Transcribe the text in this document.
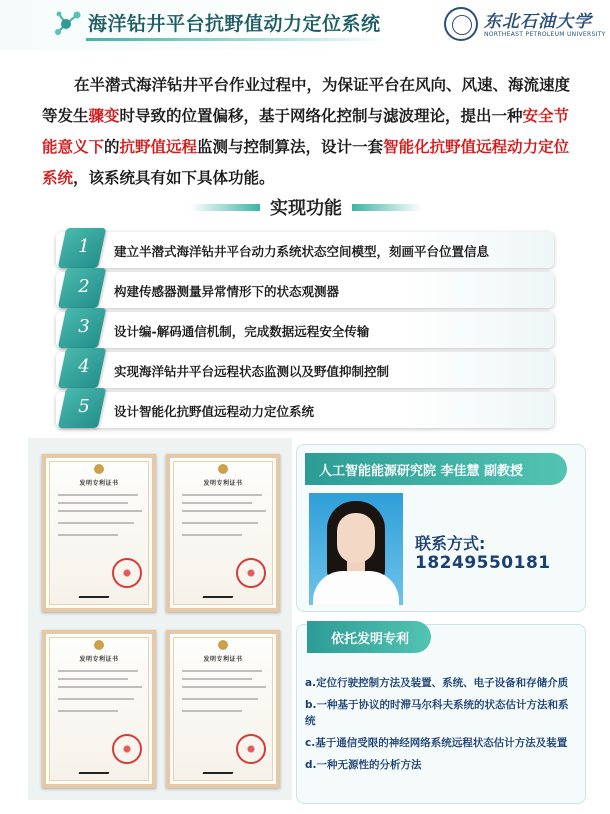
海洋钻井平台抗野值动力定位系统	东北石油大学
NORTHEAST PETROLEUM UNIVERSITY

在半潜式海洋钻井平台作业过程中，为保证平台在风向、风速、海流速度等发生骤变时导致的位置偏移，基于网络化控制与滤波理论，提出一种安全节能意义下的抗野值远程监测与控制算法，设计一套智能化抗野值远程动力定位系统，该系统具有如下具体功能。

实现功能
1	建立半潜式海洋钻井平台动力系统状态空间模型，刻画平台位置信息
2	构建传感器测量异常情形下的状态观测器
3	设计编-解码通信机制，完成数据远程安全传输
4	实现海洋钻井平台远程状态监测以及野值抑制控制
5	设计智能化抗野值远程动力定位系统
发明专利证书	发明专利证书
发明专利证书	发明专利证书
人工智能能源研究院 李佳慧 副教授
联系方式:
18249550181
依托发明专利
a.定位行驶控制方法及装置、系统、电子设备和存储介质
b.一种基于协议的时滞马尔科夫系统的状态估计方法和系统
c.基于通信受限的神经网络系统远程状态估计方法及装置
d.一种无源性的分析方法
